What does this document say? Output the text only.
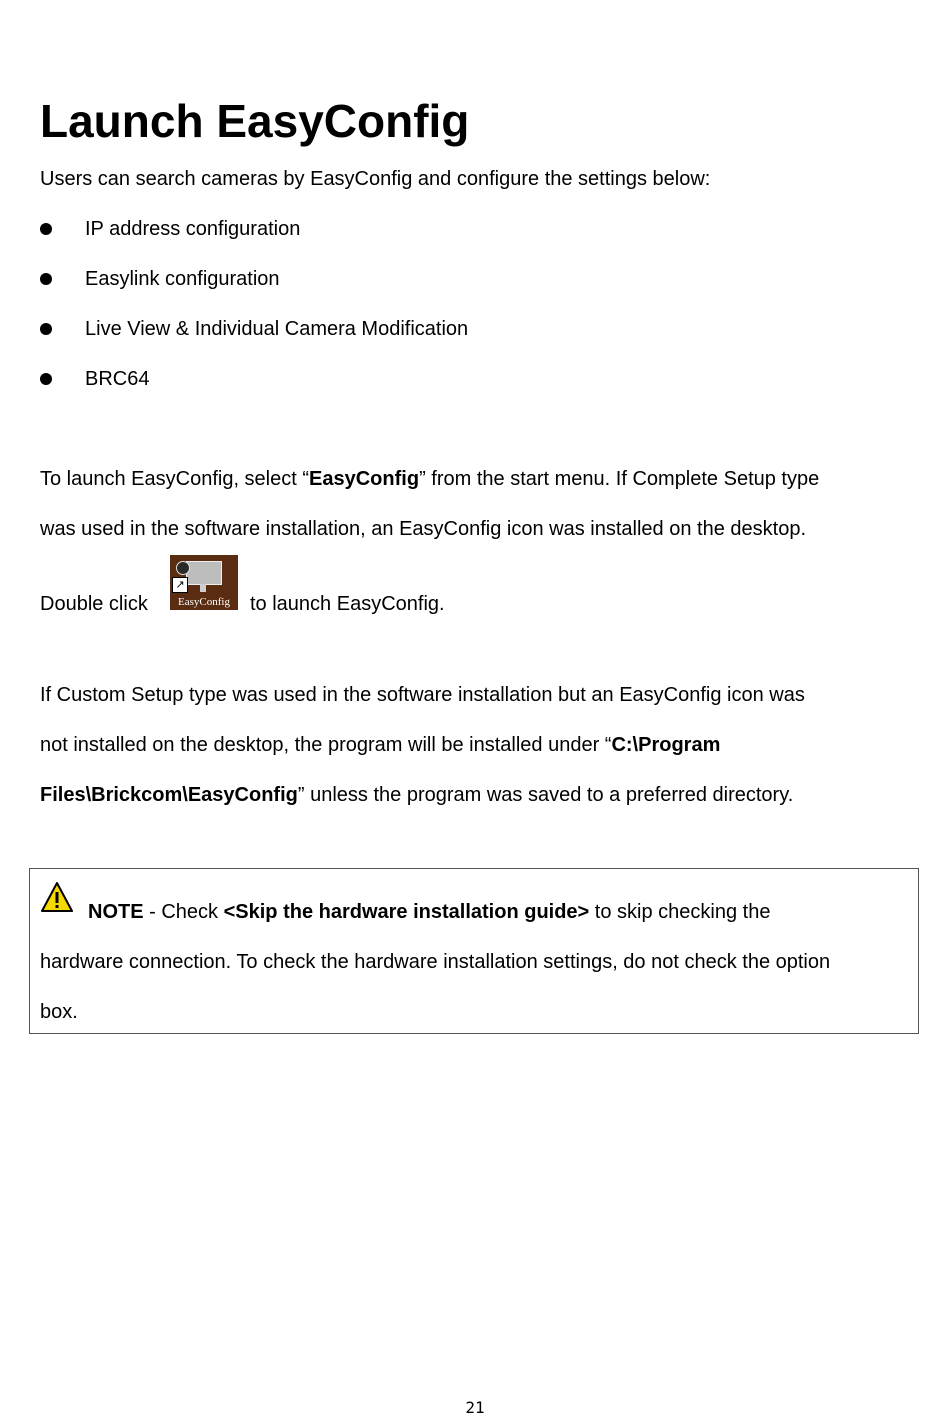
Launch EasyConfig
Users can search cameras by EasyConfig and configure the settings below:
IP address configuration
Easylink configuration
Live View & Individual Camera Modification
BRC64
To launch EasyConfig, select “EasyConfig” from the start menu. If Complete Setup type
was used in the software installation, an EasyConfig icon was installed on the desktop.
Double click
↗
EasyConfig	to launch EasyConfig.
If Custom Setup type was used in the software installation but an EasyConfig icon was
not installed on the desktop, the program will be installed under “C:\Program
Files\Brickcom\EasyConfig” unless the program was saved to a preferred directory.
NOTE - Check <Skip the hardware installation guide> to skip checking the
hardware connection. To check the hardware installation settings, do not check the option
box.
21
